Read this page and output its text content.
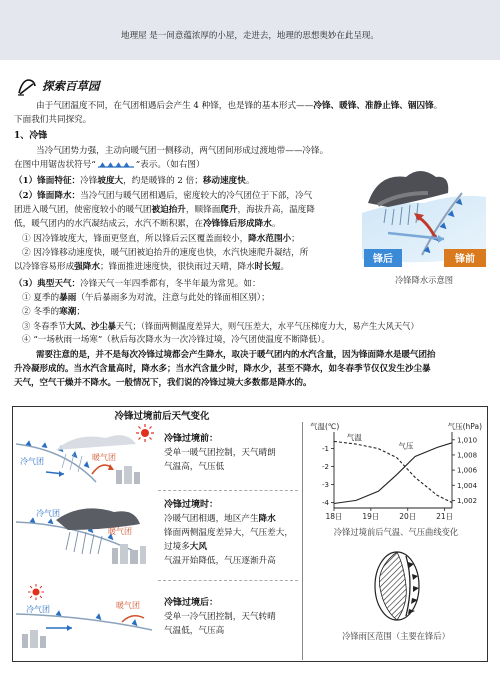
地理屋 是一间意蕴浓厚的小屋，走进去，地理的思想奥妙在此呈现。
探索百草园
由于气团温度不同，在气团相遇后会产生 4 种锋，也是锋的基本形式——冷锋、暖锋、准静止锋、锢囚锋。
下面我们共同探究。
1、冷锋
当冷气团势力强，主动向暖气团一侧移动，两气团间形成过渡地带——冷锋。
在图中用锯齿状符号“	”表示。（如右图）
（1）锋面特征：冷锋坡度大，约是暖锋的 2 倍；移动速度快。
（2）锋面降水：当冷气团与暖气团相遇后，密度较大的冷气团位于下部，冷气
团进入暖气团，使密度较小的暖气团被迫抬升，顺锋面爬升，海拔升高，温度降
低，暖气团内的水汽凝结成云，水汽不断积累，在冷锋锋后形成降水。
① 因冷锋坡度大，锋面更竖直，所以锋后云区覆盖面较小，降水范围小；
② 因冷锋移动速度快，暖气团被迫抬升的速度也快，水汽快速爬升凝结，所
以冷锋容易形成强降水；锋面推进速度快，很快雨过天晴，降水时长短。
锋后	锋前
冷锋降水示意图
（3）典型天气：冷锋天气一年四季都有，冬半年最为常见。如：
① 夏季的暴雨（午后暴雨多为对流，注意与此处的锋面相区别）；
② 冬季的寒潮；
③ 冬春季节大风、沙尘暴天气；（锋面两侧温度差异大，则气压差大，水平气压梯度力大，易产生大风天气）
④ “一场秋雨一场寒”（秋后每次降水为一次冷锋过境，冷气团使温度不断降低）。
需要注意的是，并不是每次冷锋过境都会产生降水，取决于暖气团内的水汽含量，因为锋面降水是暖气团抬
升冷凝形成的。当水汽含量高时，降水多；当水汽含量少时，降水少，甚至不降水，如冬春季节仅仅发生沙尘暴
天气，空气干燥并不降水。一般情况下，我们说的冷锋过境大多数都是降水的。
冷锋过境前后天气变化
冷气团	暖气团
冷锋过境前：
受单一暖气团控制，天气晴朗
气温高，气压低
冷气团
暖气团
冷锋过境时：
冷暖气团相遇，地区产生降水
锋面两侧温度差异大，气压差大，过境多大风
气温开始降低，气压逐渐升高
冷气团	暖气团	冷锋过境后：
受单一冷气团控制，天气转晴
气温低，气压高
气温(℃)	气压(hPa)
-1
-2
-3
-4
1,010
1,008
1,006
1,004
1,002
18日	19日	20日	21日
气温
气压
冷锋过境前后气温、气压曲线变化
冷锋雨区范围（主要在锋后）
